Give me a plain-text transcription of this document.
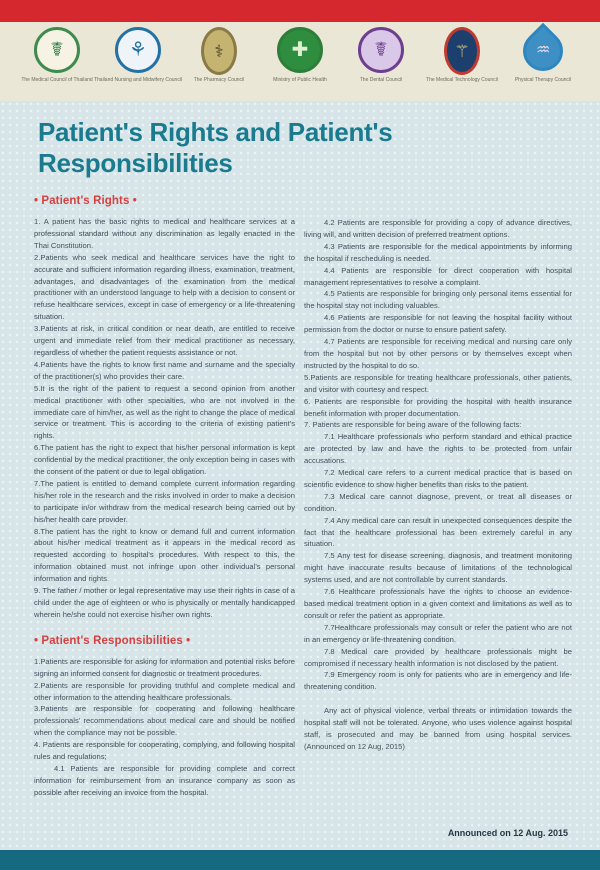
☤
The Medical Council of Thailand
⚘
Thailand Nursing and Midwifery Council
⚕
The Pharmacy Council
✚
Ministry of Public Health
☤
The Dental Council
⚚
The Medical Technology Council
♒
Physical Therapy Council
Patient's Rights and Patient's Responsibilities
• Patient's Rights •

1. A patient has the basic rights to medical and healthcare services at a professional standard without any discrimination as legally enacted in the Thai Constitution.

2.Patients who seek medical and healthcare services have the right to accurate and sufficient information regarding illness, examination, treatment, advantages, and disadvantages of the examination from the medical practitioner with an understood language to help with a decision to consent or refuse healthcare services, except in case of emergency or a life-threatening situation.

3.Patients at risk, in critical condition or near death, are entitled to receive urgent and immediate relief from their medical practitioner as necessary, regardless of whether the patient requests assistance or not.

4.Patients have the rights to know first name and surname and the specialty of the practitioner(s) who provides their care.

5.It is the right of the patient to request a second opinion from another medical practitioner with other specialties, who are not involved in the immediate care of him/her, as well as the right to change the place of medical service or treatment. This is according to the criteria of existing patient's rights.

6.The patient has the right to expect that his/her personal information is kept confidential by the medical practitioner, the only exception being in cases with the consent of the patient or due to legal obligation.

7.The patient is entitled to demand complete current information regarding his/her role in the research and the risks involved in order to make a decision to participate in/or withdraw from the medical research being carried out by his/her health care provider.

8.The patient has the right to know or demand full and current information about his/her medical treatment as it appears in the medical record as requested according to hospital's procedures. With respect to this, the information obtained must not infringe upon other individual's personal information and rights.

9. The father / mother or legal representative may use their rights in case of a child under the age of eighteen or who is physically or mentally handicapped wherein he/she could not exercise his/her own rights.

• Patient's Responsibilities •

1.Patients are responsible for asking for information and potential risks before signing an informed consent for diagnostic or treatment procedures.

2.Patients are responsible for providing truthful and complete medical and other information to the attending healthcare professionals.

3.Patients are responsible for cooperating and following healthcare professionals' recommendations about medical care and should be notified when the compliance may not be possible.

4. Patients are responsible for cooperating, complying, and following hospital rules and regulations;

4.1 Patients are responsible for providing complete and correct information for reimbursement from an insurance company as soon as possible after receiving an invoice from the hospital.

4.2 Patients are responsible for providing a copy of advance directives, living will, and written decision of preferred treatment options.

4.3 Patients are responsible for the medical appointments by informing the hospital if rescheduling is needed.

4.4 Patients are responsible for direct cooperation with hospital management representatives to resolve a complaint.

4.5 Patients are responsible for bringing only personal items essential for the hospital stay not including valuables.

4.6 Patients are responsible for not leaving the hospital facility without permission from the doctor or nurse to ensure patient safety.

4.7 Patients are responsible for receiving medical and nursing care only from the hospital but not by other persons or by themselves except when instructed by the hospital to do so.

5.Patients are responsible for treating healthcare professionals, other patients, and visitor with courtesy and respect.

6. Patients are responsible for providing the hospital with health insurance benefit information with proper documentation.

7. Patients are responsible for being aware of the following facts:

7.1 Healthcare professionals who perform standard and ethical practice are protected by law and have the rights to be protected from unfair accusations.

7.2 Medical care refers to a current medical practice that is based on scientific evidence to show higher benefits than risks to the patient.

7.3 Medical care cannot diagnose, prevent, or treat all diseases or condition.

7.4 Any medical care can result in unexpected consequences despite the fact that the healthcare professional has been extremely careful in any situation.

7.5 Any test for disease screening, diagnosis, and treatment monitoring might have inaccurate results because of limitations of the technological systems used, and are not controllable by current standards.

7.6 Healthcare professionals have the rights to choose an evidence-based medical treatment option in a given context and limitations as well as to consult or refer the patient as appropriate.

7.7Healthcare professionals may consult or refer the patient who are not in an emergency or life-threatening condition.

7.8 Medical care provided by healthcare professionals might be compromised if necessary health information is not disclosed by the patient.

7.9 Emergency room is only for patients who are in emergency and life-threatening condition.

Any act of physical violence, verbal threats or intimidation towards the hospital staff will not be tolerated. Anyone, who uses violence against hospital staff, is prosecuted and may be banned from using hospital services. (Announced on 12 Aug, 2015)

Announced on 12 Aug. 2015
